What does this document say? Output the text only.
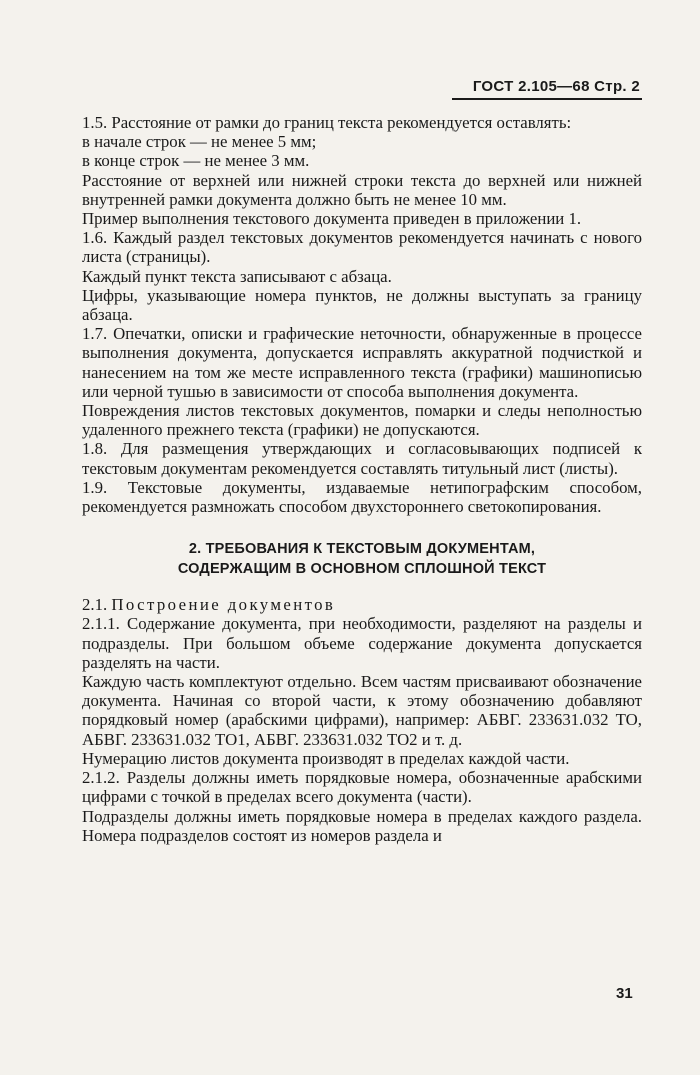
ГОСТ 2.105—68 Стр. 2

1.5. Расстояние от рамки до границ текста рекомендуется оставлять:

в начале строк — не менее 5 мм;

в конце строк — не менее 3 мм.

Расстояние от верхней или нижней строки текста до верхней или нижней внутренней рамки документа должно быть не менее 10 мм.

Пример выполнения текстового документа приведен в приложении 1.

1.6. Каждый раздел текстовых документов рекомендуется начинать с нового листа (страницы).

Каждый пункт текста записывают с абзаца.

Цифры, указывающие номера пунктов, не должны выступать за границу абзаца.

1.7. Опечатки, описки и графические неточности, обнаруженные в процессе выполнения документа, допускается исправлять аккуратной подчисткой и нанесением на том же месте исправленного текста (графики) машинописью или черной тушью в зависимости от способа выполнения документа.

Повреждения листов текстовых документов, помарки и следы неполностью удаленного прежнего текста (графики) не допускаются.

1.8. Для размещения утверждающих и согласовывающих подписей к текстовым документам рекомендуется составлять титульный лист (листы).

1.9. Текстовые документы, издаваемые нетипографским способом, рекомендуется размножать способом двухстороннего светокопирования.

2. ТРЕБОВАНИЯ К ТЕКСТОВЫМ ДОКУМЕНТАМ,
СОДЕРЖАЩИМ В ОСНОВНОМ СПЛОШНОЙ ТЕКСТ

2.1. Построение документов

2.1.1. Содержание документа, при необходимости, разделяют на разделы и подразделы. При большом объеме содержание документа допускается разделять на части.

Каждую часть комплектуют отдельно. Всем частям присваивают обозначение документа. Начиная со второй части, к этому обозначению добавляют порядковый номер (арабскими цифрами), например: АБВГ. 233631.032 ТО, АБВГ. 233631.032 ТО1, АБВГ. 233631.032 ТО2 и т. д.

Нумерацию листов документа производят в пределах каждой части.

2.1.2. Разделы должны иметь порядковые номера, обозначенные арабскими цифрами с точкой в пределах всего документа (части).

Подразделы должны иметь порядковые номера в пределах каждого раздела. Номера подразделов состоят из номеров раздела и

31
